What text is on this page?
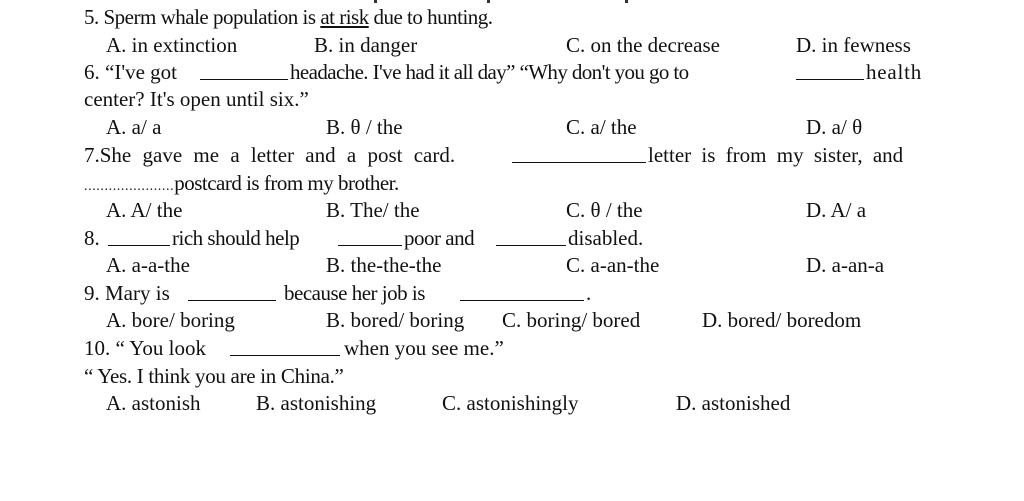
5. Sperm whale population is at risk due to hunting.
A. in extinction	B. in danger	C. on the decrease	D. in fewness
6. “I've got	headache. I've had it all day” “Why don't you go to	health
center? It's open until six.”
A. a/ a	B. θ / the	C. a/ the	D. a/ θ
7.She gave me a letter and a post card.	letter is from my sister, and
......................postcard is from my brother.
A. A/ the	B. The/ the	C. θ / the	D. A/ a
8.	rich should help	poor and	disabled.
A. a-a-the	B. the-the-the	C. a-an-the	D. a-an-a
9. Mary is	because her job is	.
A. bore/ boring	B. bored/ boring C. boring/ bored	D. bored/ boredom
10. “ You look	when you see me.”
“ Yes. I think you are in China.”
A. astonish	B. astonishing	C. astonishingly	D. astonished
